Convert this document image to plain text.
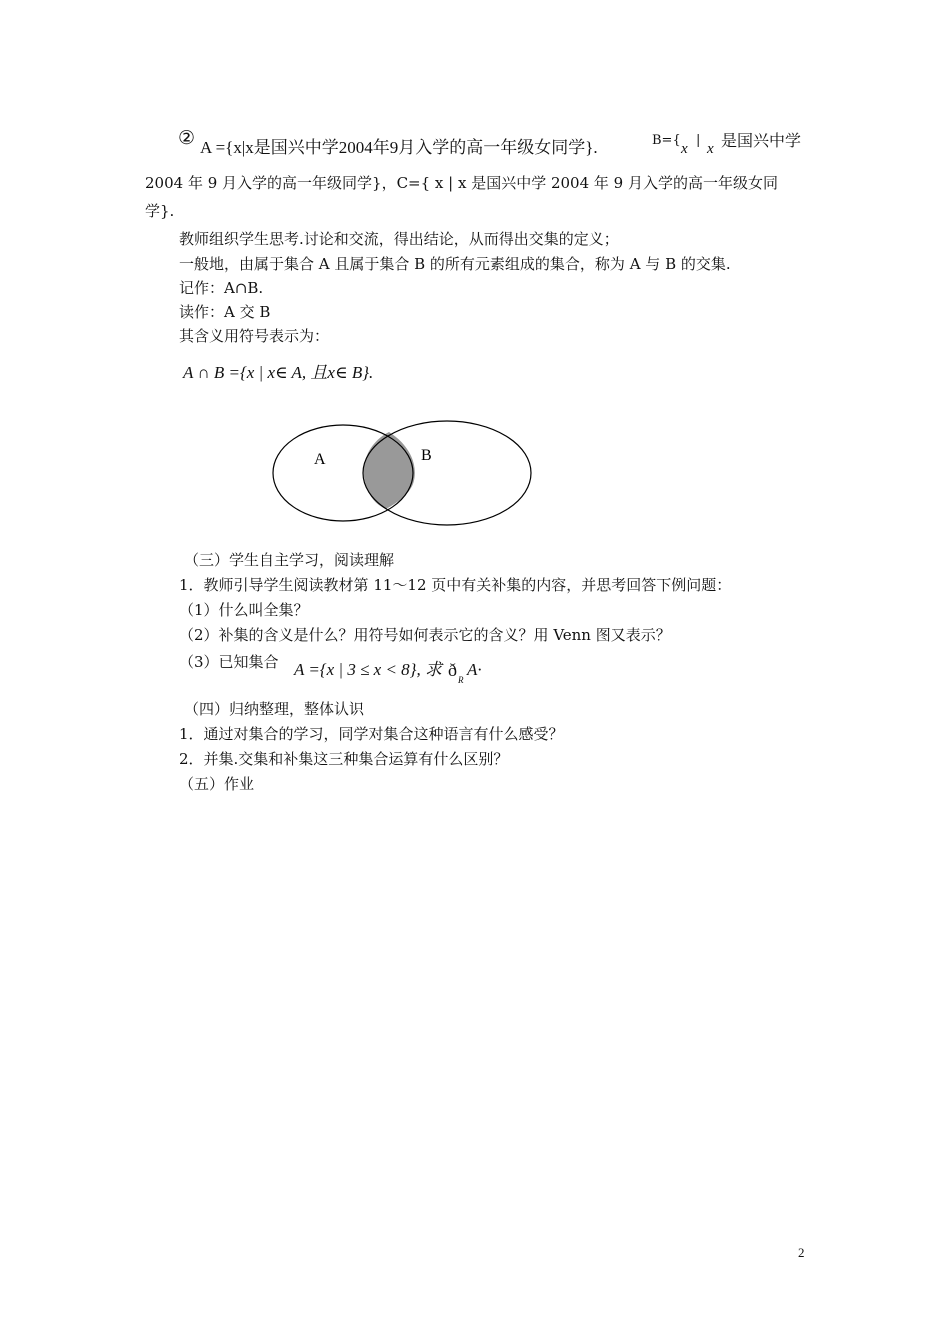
② A ={x|x是国兴中学2004年9月入学的高一年级女同学}.	B={
x
|
x 是国兴中学
2004 年 9 月入学的高一年级同学}，C={ x | x 是国兴中学 2004 年 9 月入学的高一年级女同
学}.
教师组织学生思考.讨论和交流，得出结论，从而得出交集的定义；
一般地，由属于集合 A 且属于集合 B 的所有元素组成的集合，称为 A 与 B 的交集.
记作：A∩B.
读作：A 交 B
其含义用符号表示为：
A ∩ B ={x | x∈ A, 且x∈ B}.
A	B
（三）学生自主学习，阅读理解
1．教师引导学生阅读教材第 11～12 页中有关补集的内容，并思考回答下例问题：
（1）什么叫全集？
（2）补集的含义是什么？用符号如何表示它的含义？用 Venn 图又表示？
（3）已知集合 A ={x | 3 ≤ x < 8}, 求 ð R
A·
（四）归纳整理，整体认识
1．通过对集合的学习，同学对集合这种语言有什么感受？
2．并集.交集和补集这三种集合运算有什么区别？
（五）作业
2
